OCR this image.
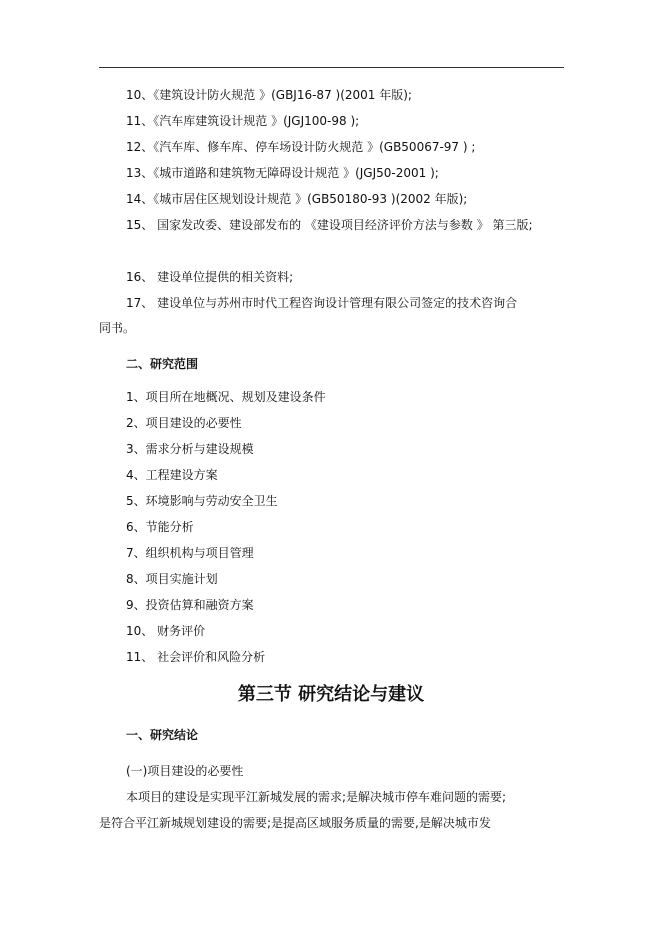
10、《建筑设计防火规范 》(GBJ16-87 )(2001 年版);
11、《汽车库建筑设计规范 》(JGJ100-98 );
12、《汽车库、修车库、停车场设计防火规范 》(GB50067-97 ) ;
13、《城市道路和建筑物无障碍设计规范 》(JGJ50-2001 );
14、《城市居住区规划设计规范 》(GB50180-93 )(2002 年版);
15、 国家发改委、建设部发布的 《建设项目经济评价方法与参数 》 第三版;
16、 建设单位提供的相关资料;
17、 建设单位与苏州市时代工程咨询设计管理有限公司签定的技术咨询合
同书。
二、研究范围
1、项目所在地概况、规划及建设条件
2、项目建设的必要性
3、需求分析与建设规模
4、工程建设方案
5、环境影响与劳动安全卫生
6、节能分析
7、组织机构与项目管理
8、项目实施计划
9、投资估算和融资方案
10、 财务评价
11、 社会评价和风险分析
第三节 研究结论与建议
一、研究结论
(一)项目建设的必要性
本项目的建设是实现平江新城发展的需求;是解决城市停车难问题的需要;
是符合平江新城规划建设的需要;是提高区域服务质量的需要,是解决城市发
